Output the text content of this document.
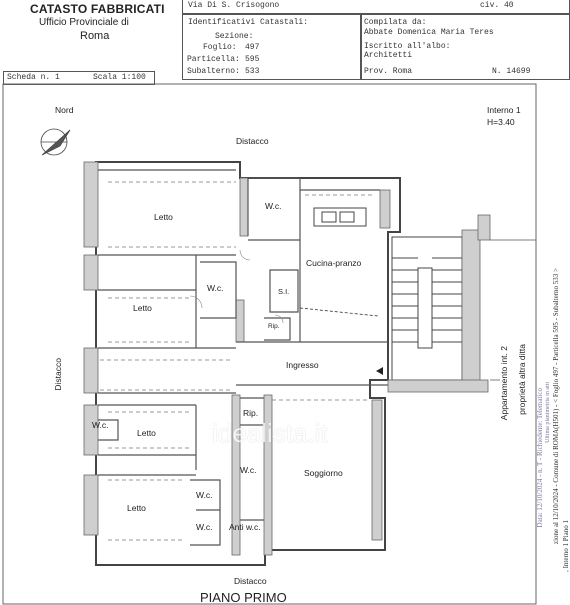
CATASTO FABBRICATI
Ufficio Provinciale di
Roma
Via Di S. Crisogono	civ. 40
Identificativi Catastali:
Sezione:
Foglio: 497
Particella: 595
Subalterno: 533
Compilata da:
Abbate Domenica Maria Teres
Iscritto all'albo:
Architetti
Prov. Roma	N. 14699
Scheda n. 1	Scala 1:100
idealista.it
Nord	Interno 1
H=3.40
Distacco
Distacco
Distacco
Appartamento int. 2 proprietà altra ditta
Letto
Letto
Letto
Letto
W.c.
W.c.
W.c.
W.c.
W.c.
W.c.
Cucina-pranzo
S.I.
Rip.
Rip.
Ingresso
Soggiorno
Anti w.c.
PIANO PRIMO
Data: 12/10/2024 - n. T - Richiedente: Telematico Ultima planimetria in atti zione al 12/10/2024 - Comune di ROMA(H501) - < Foglio 497 - Particella 595 - Subalterno 533 >
, Interno 1 Piano 1
